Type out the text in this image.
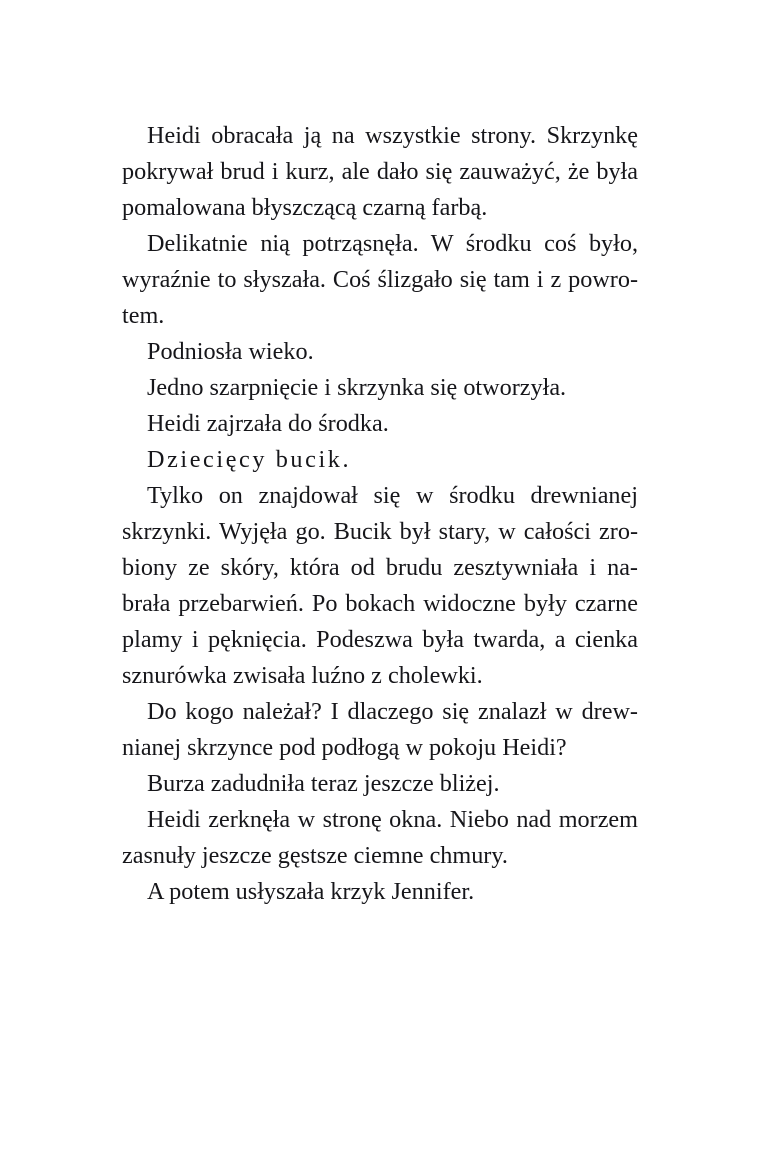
Heidi obracała ją na wszystkie strony. Skrzynkę
pokrywał brud i kurz, ale dało się zauważyć, że była
pomalowana błyszczącą czarną farbą.

Delikatnie nią potrząsnęła. W środku coś było,
wyraźnie to słyszała. Coś ślizgało się tam i z powro-
tem.

Podniosła wieko.

Jedno szarpnięcie i skrzynka się otworzyła.

Heidi zajrzała do środka.

Dziecięcy bucik.

Tylko on znajdował się w środku drewnianej
skrzynki. Wyjęła go. Bucik był stary, w całości zro-
biony ze skóry, która od brudu zesztywniała i na-
brała przebarwień. Po bokach widoczne były czarne
plamy i pęknięcia. Podeszwa była twarda, a cienka
sznurówka zwisała luźno z cholewki.

Do kogo należał? I dlaczego się znalazł w drew-
nianej skrzynce pod podłogą w pokoju Heidi?

Burza zadudniła teraz jeszcze bliżej.

Heidi zerknęła w stronę okna. Niebo nad morzem
zasnuły jeszcze gęstsze ciemne chmury.

A potem usłyszała krzyk Jennifer.
